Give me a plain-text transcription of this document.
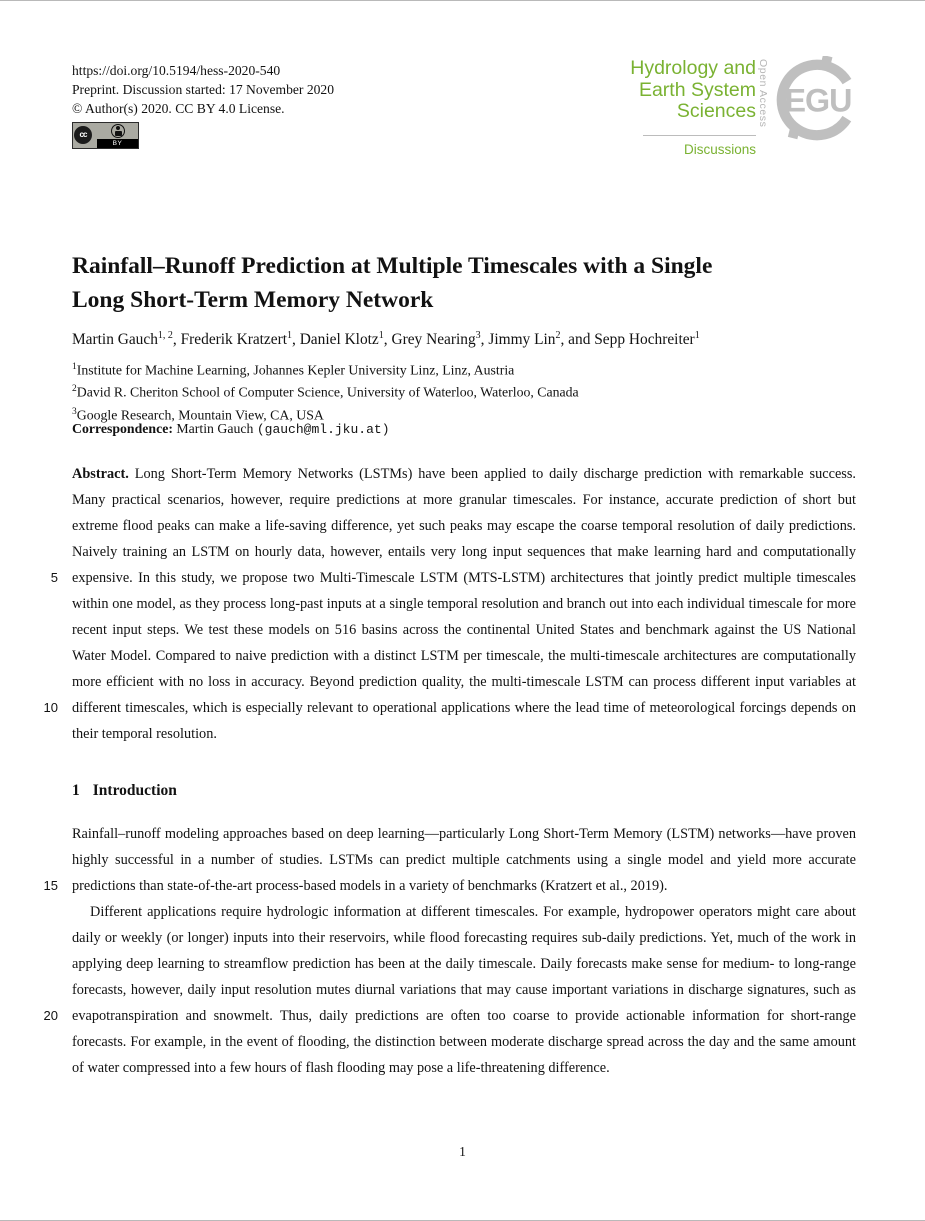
https://doi.org/10.5194/hess-2020-540
Preprint. Discussion started: 17 November 2020
© Author(s) 2020. CC BY 4.0 License.
cc
BY
Hydrology and
Earth System
Sciences
Discussions
Open Access EGU
Rainfall–Runoff Prediction at Multiple Timescales with a Single
Long Short-Term Memory Network
Martin Gauch$^{1, 2}$, Frederik Kratzert$^1$, Daniel Klotz$^1$, Grey Nearing$^3$, Jimmy Lin$^2$, and Sepp Hochreiter$^1$
$^1$Institute for Machine Learning, Johannes Kepler University Linz, Linz, Austria
$^2$David R. Cheriton School of Computer Science, University of Waterloo, Waterloo, Canada
$^3$Google Research, Mountain View, CA, USA
Correspondence: Martin Gauch (gauch@ml.jku.at)
Abstract. Long Short-Term Memory Networks (LSTMs) have been applied to daily discharge prediction with remarkable success. Many practical scenarios, however, require predictions at more granular timescales. For instance, accurate prediction of short but extreme flood peaks can make a life-saving difference, yet such peaks may escape the coarse temporal resolution of daily predictions. Naively training an LSTM on hourly data, however, entails very long input sequences that make learning hard and computationally expensive. In this study, we propose two Multi-Timescale LSTM (MTS-LSTM) architectures that jointly predict multiple timescales within one model, as they process long-past inputs at a single temporal resolution and branch out into each individual timescale for more recent input steps. We test these models on 516 basins across the continental United States and benchmark against the US National Water Model. Compared to naive prediction with a distinct LSTM per timescale, the multi-timescale architectures are computationally more efficient with no loss in accuracy. Beyond prediction quality, the multi-timescale LSTM can process different input variables at different timescales, which is especially relevant to operational applications where the lead time of meteorological forcings depends on their temporal resolution.
5
10
15
20
1 Introduction

Rainfall–runoff modeling approaches based on deep learning—particularly Long Short-Term Memory (LSTM) networks—have proven highly successful in a number of studies. LSTMs can predict multiple catchments using a single model and yield more accurate predictions than state-of-the-art process-based models in a variety of benchmarks (Kratzert et al., 2019).

Different applications require hydrologic information at different timescales. For example, hydropower operators might care about daily or weekly (or longer) inputs into their reservoirs, while flood forecasting requires sub-daily predictions. Yet, much of the work in applying deep learning to streamflow prediction has been at the daily timescale. Daily forecasts make sense for medium- to long-range forecasts, however, daily input resolution mutes diurnal variations that may cause important variations in discharge signatures, such as evapotranspiration and snowmelt. Thus, daily predictions are often too coarse to provide actionable information for short-range forecasts. For example, in the event of flooding, the distinction between moderate discharge spread across the day and the same amount of water compressed into a few hours of flash flooding may pose a life-threatening difference.

1
